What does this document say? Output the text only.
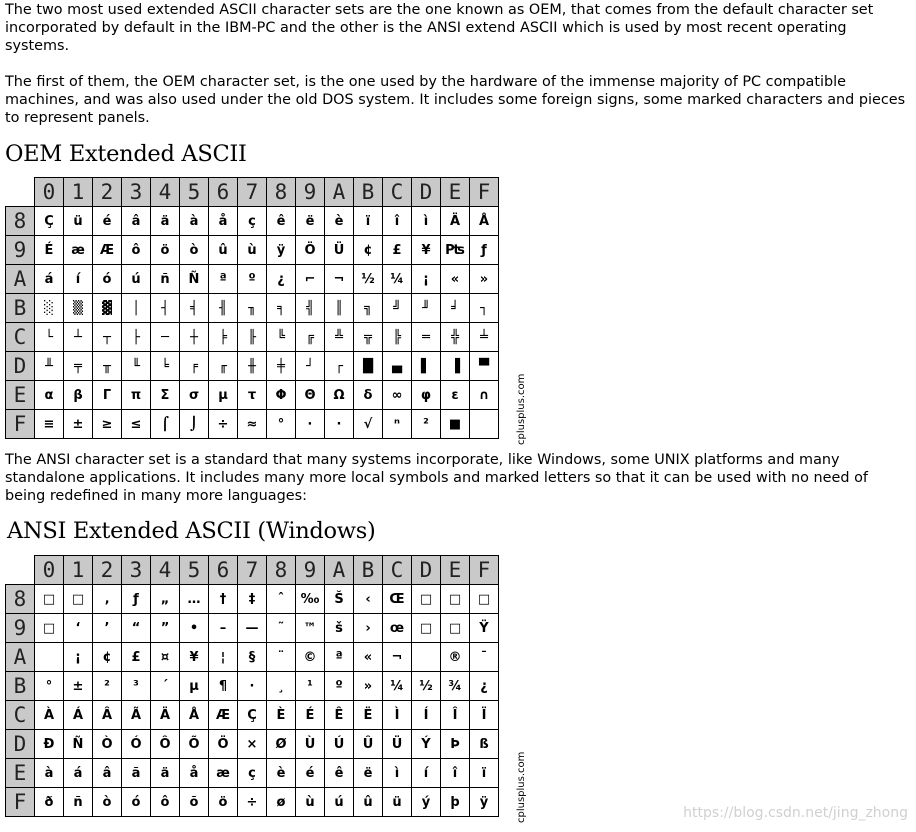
The two most used extended ASCII character sets are the one known as OEM, that comes from the default character set incorporated by default in the IBM-PC and the other is the ANSI extend ASCII which is used by most recent operating systems.

The first of them, the OEM character set, is the one used by the hardware of the immense majority of PC compatible machines, and was also used under the old DOS system. It includes some foreign signs, some marked characters and pieces to represent panels.

OEM Extended ASCII
	0	1	2	3	4	5	6	7	8	9	A	B	C	D	E	F
8	Ç	ü	é	â	ä	à	å	ç	ê	ë	è	ï	î	ì	Ä	Å
9	É	æ	Æ	ô	ö	ò	û	ù	ÿ	Ö	Ü	¢	£	¥	₧	ƒ
A	á	í	ó	ú	ñ	Ñ	ª	º	¿	⌐	¬	½	¼	¡	«	»
B	░	▒	▓	│	┤	╡	╢	╖	╕	╣	║	╗	╝	╜	╛	┐
C	└	┴	┬	├	─	┼	╞	╟	╚	╔	╩	╦	╠	═	╬	╧
D	╨	╤	╥	╙	╘	╒	╓	╫	╪	┘	┌	█	▄	▌	▐	▀
E	α	β	Γ	π	Σ	σ	µ	τ	Φ	Θ	Ω	δ	∞	φ	ε	∩
F	≡	±	≥	≤	⌠	⌡	÷	≈	°	∙	·	√	ⁿ	²	■		cplusplus.com

The ANSI character set is a standard that many systems incorporate, like Windows, some UNIX platforms and many standalone applications. It includes many more local symbols and marked letters so that it can be used with no need of being redefined in many more languages:

ANSI Extended ASCII (Windows)
	0	1	2	3	4	5	6	7	8	9	A	B	C	D	E	F
8	□	□	‚	ƒ	„	…	†	‡	ˆ	‰	Š	‹	Œ	□	□	□
9	□	‘	’	“	”	•	–	—	˜	™	š	›	œ	□	□	Ÿ
A		¡	¢	£	¤	¥	¦	§	¨	©	ª	«	¬		®	¯
B	°	±	²	³	´	µ	¶	·	¸	¹	º	»	¼	½	¾	¿
C	À	Á	Â	Ã	Ä	Å	Æ	Ç	È	É	Ê	Ë	Ì	Í	Î	Ï
D	Ð	Ñ	Ò	Ó	Ô	Õ	Ö	×	Ø	Ù	Ú	Û	Ü	Ý	Þ	ß
E	à	á	â	ã	ä	å	æ	ç	è	é	ê	ë	ì	í	î	ï
F	ð	ñ	ò	ó	ô	õ	ö	÷	ø	ù	ú	û	ü	ý	þ	ÿ	cplusplus.com	https://blog.csdn.net/jing_zhong
